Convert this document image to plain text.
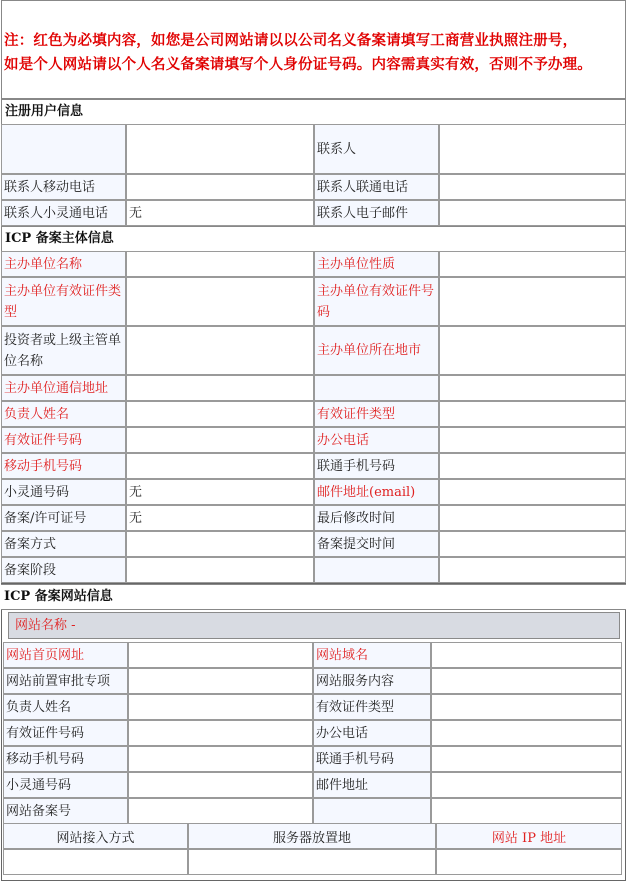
注：红色为必填内容，如您是公司网站请以以公司名义备案请填写工商营业执照注册号，
如是个人网站请以个人名义备案请填写个人身份证号码。内容需真实有效，否则不予办理。
注册用户信息
		联系人	
联系人移动电话		联系人联通电话	
联系人小灵通电话	无	联系人电子邮件	
ICP 备案主体信息
主办单位名称		主办单位性质	
主办单位有效证件类型		主办单位有效证件号码	
投资者或上级主管单位名称		主办单位所在地市	
主办单位通信地址			
负责人姓名		有效证件类型	
有效证件号码		办公电话	
移动手机号码		联通手机号码	
小灵通号码	无	邮件地址(email)	
备案/许可证号	无	最后修改时间	
备案方式		备案提交时间	
备案阶段			
ICP 备案网站信息
网站名称 -
网站首页网址		网站域名	
网站前置审批专项		网站服务内容	
负责人姓名		有效证件类型	
有效证件号码		办公电话	
移动手机号码		联通手机号码	
小灵通号码		邮件地址	
网站备案号			
网站接入方式	服务器放置地	网站 IP 地址
